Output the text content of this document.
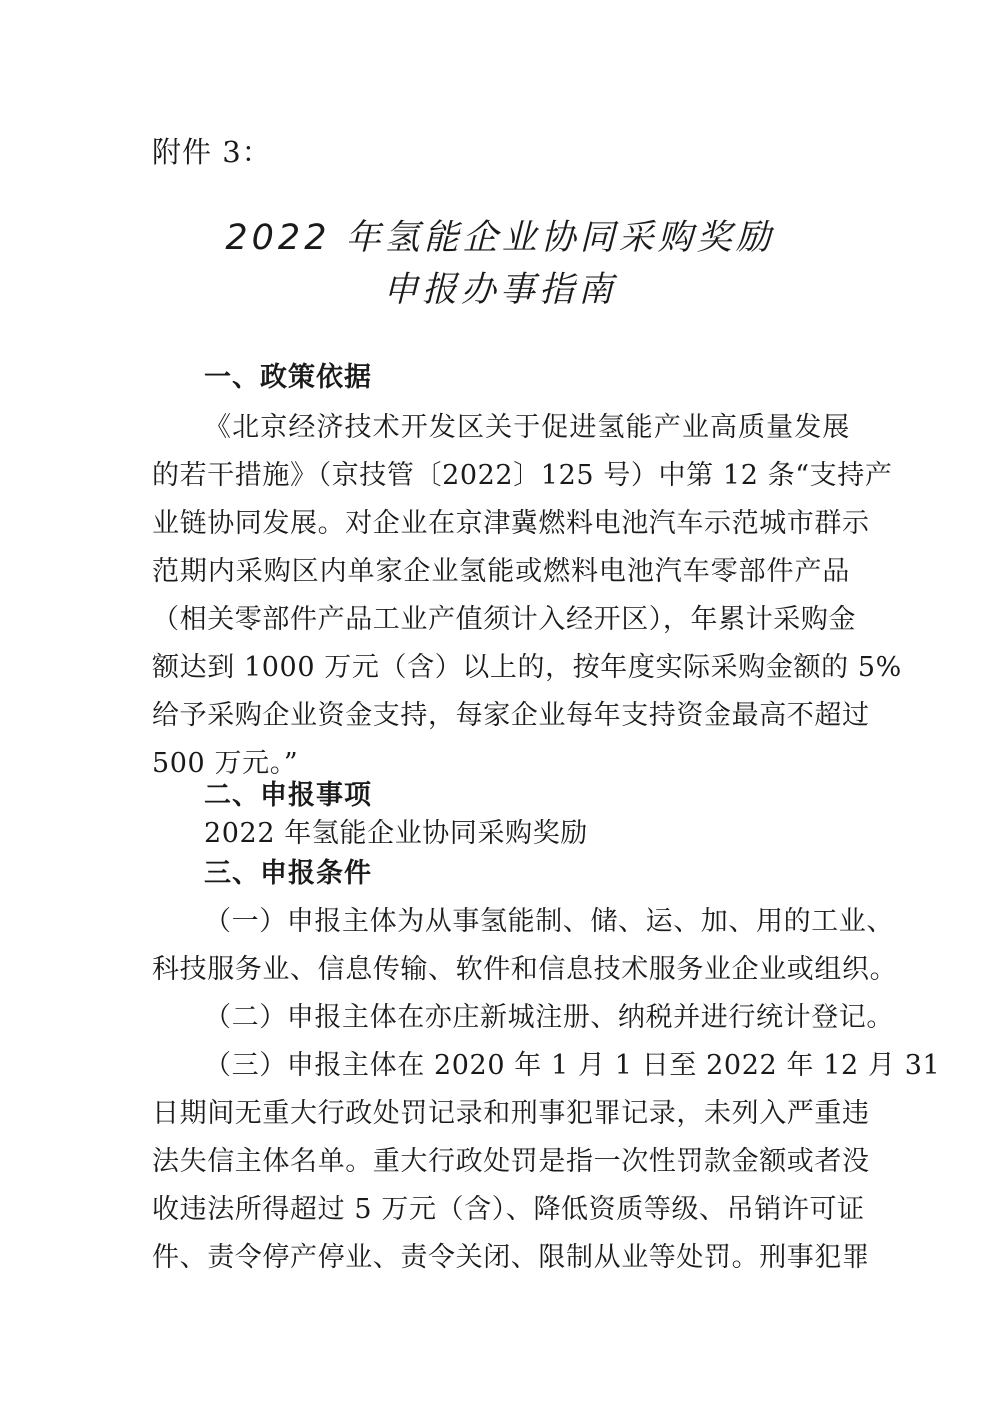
附件 3：
2022 年氢能企业协同采购奖励
申报办事指南
一、政策依据
《北京经济技术开发区关于促进氢能产业高质量发展
的若干措施》（京技管〔2022〕125 号）中第 12 条“支持产
业链协同发展。对企业在京津冀燃料电池汽车示范城市群示
范期内采购区内单家企业氢能或燃料电池汽车零部件产品
（相关零部件产品工业产值须计入经开区），年累计采购金
额达到 1000 万元（含）以上的，按年度实际采购金额的 5%
给予采购企业资金支持，每家企业每年支持资金最高不超过
500 万元。”
二、申报事项
2022 年氢能企业协同采购奖励
三、申报条件
（一）申报主体为从事氢能制、储、运、加、用的工业、
科技服务业、信息传输、软件和信息技术服务业企业或组织。
（二）申报主体在亦庄新城注册、纳税并进行统计登记。
（三）申报主体在 2020 年 1 月 1 日至 2022 年 12 月 31
日期间无重大行政处罚记录和刑事犯罪记录，未列入严重违
法失信主体名单。重大行政处罚是指一次性罚款金额或者没
收违法所得超过 5 万元（含）、降低资质等级、吊销许可证
件、责令停产停业、责令关闭、限制从业等处罚。刑事犯罪
